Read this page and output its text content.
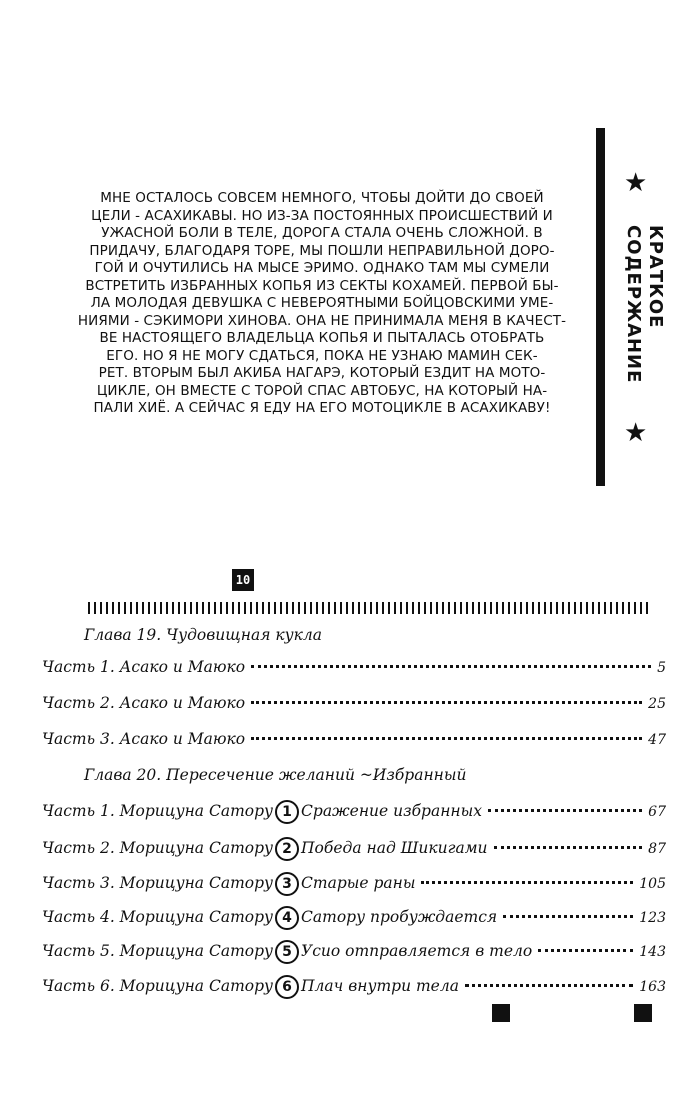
МНЕ ОСТАЛОСЬ СОВСЕМ НЕМНОГО, ЧТОБЫ ДОЙТИ ДО СВОЕЙ
ЦЕЛИ - АСАХИКАВЫ. НО ИЗ-ЗА ПОСТОЯННЫХ ПРОИСШЕСТВИЙ И
УЖАСНОЙ БОЛИ В ТЕЛЕ, ДОРОГА СТАЛА ОЧЕНЬ СЛОЖНОЙ. В
ПРИДАЧУ, БЛАГОДАРЯ ТОРЕ, МЫ ПОШЛИ НЕПРАВИЛЬНОЙ ДОРО-
ГОЙ И ОЧУТИЛИСЬ НА МЫСЕ ЭРИМО. ОДНАКО ТАМ МЫ СУМЕЛИ
ВСТРЕТИТЬ ИЗБРАННЫХ КОПЬЯ ИЗ СЕКТЫ КОХАМЕЙ. ПЕРВОЙ БЫ-
ЛА МОЛОДАЯ ДЕВУШКА С НЕВЕРОЯТНЫМИ БОЙЦОВСКИМИ УМЕ-
НИЯМИ - СЭКИМОРИ ХИНОВА. ОНА НЕ ПРИНИМАЛА МЕНЯ В КАЧЕСТ-
ВЕ НАСТОЯЩЕГО ВЛАДЕЛЬЦА КОПЬЯ И ПЫТАЛАСЬ ОТОБРАТЬ
ЕГО. НО Я НЕ МОГУ СДАТЬСЯ, ПОКА НЕ УЗНАЮ МАМИН СЕК-
РЕТ. ВТОРЫМ БЫЛ АКИБА НАГАРЭ, КОТОРЫЙ ЕЗДИТ НА МОТО-
ЦИКЛЕ, ОН ВМЕСТЕ С ТОРОЙ СПАС АВТОБУС, НА КОТОРЫЙ НА-
ПАЛИ ХИЁ. А СЕЙЧАС Я ЕДУ НА ЕГО МОТОЦИКЛЕ В АСАХИКАВУ!
★
КРАТКОЕ
СОДЕРЖАНИЕ
★
10
Глава 19. Чудовищная кукла
Часть 1. Асако и Маюко	5
Часть 2. Асако и Маюко	25
Часть 3. Асако и Маюко	47
Глава 20. Пересечение желаний ~Избранный
Часть 1. Морицуна Сатору 1 Сражение избранных	67
Часть 2. Морицуна Сатору 2 Победа над Шикигами	87
Часть 3. Морицуна Сатору 3 Старые раны	105
Часть 4. Морицуна Сатору 4 Сатору пробуждается	123
Часть 5. Морицуна Сатору 5 Усио отправляется в тело	143
Часть 6. Морицуна Сатору 6 Плач внутри тела	163
